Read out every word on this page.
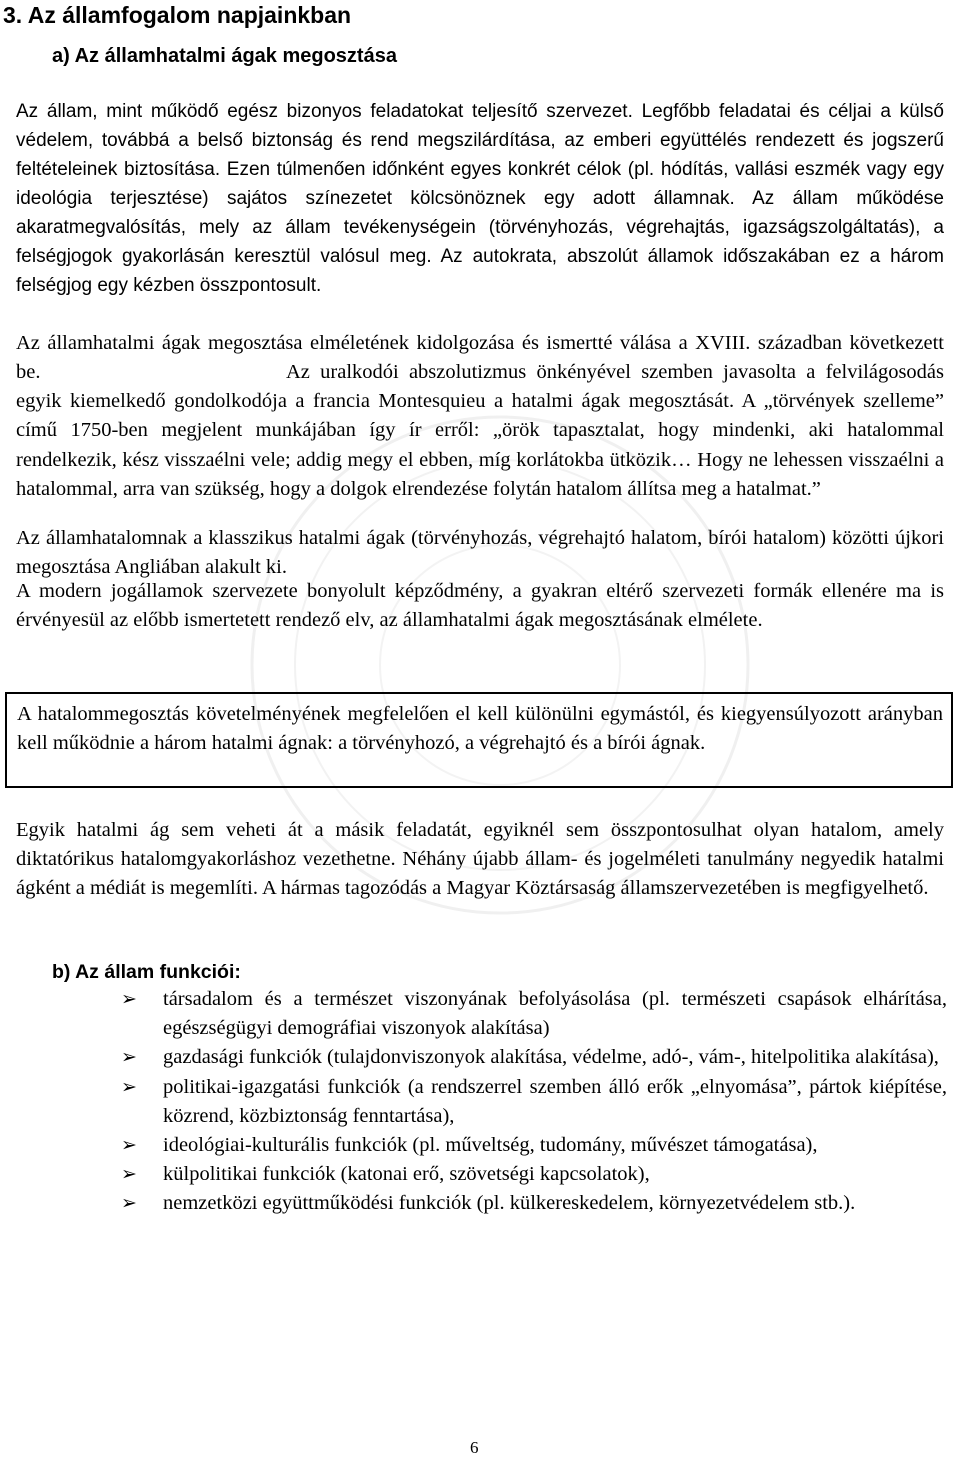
3. Az államfogalom napjainkban
a) Az államhatalmi ágak megosztása

Az állam, mint működő egész bizonyos feladatokat teljesítő szervezet. Legfőbb feladatai és céljai a külső védelem, továbbá a belső biztonság és rend megszilárdítása, az emberi együttélés rendezett és jogszerű feltételeinek biztosítása. Ezen túlmenően időnként egyes konkrét célok (pl. hódítás, vallási eszmék vagy egy ideológia terjesztése) sajátos színezetet kölcsönöznek egy adott államnak. Az állam működése akaratmegvalósítás, mely az állam tevékenységein (törvényhozás, végrehajtás, igazságszolgáltatás), a felségjogok gyakorlásán keresztül valósul meg. Az autokrata, abszolút államok időszakában ez a három felségjog egy kézben összpontosult.

Az államhatalmi ágak megosztása elméletének kidolgozása és ismertté válása a XVIII. században következett be.	Az uralkodói abszolutizmus önkényével szemben javasolta a felvilágosodás egyik kiemelkedő gondolkodója a francia Montesquieu a hatalmi ágak megosztását. A „törvények szelleme” című 1750-ben megjelent munkájában így ír erről: „örök tapasztalat, hogy mindenki, aki hatalommal rendelkezik, kész visszaélni vele; addig megy el ebben, míg korlátokba ütközik… Hogy ne lehessen visszaélni a hatalommal, arra van szükség, hogy a dolgok elrendezése folytán hatalom állítsa meg a hatalmat.”

Az államhatalomnak a klasszikus hatalmi ágak (törvényhozás, végrehajtó halatom, bírói hatalom) közötti újkori megosztása Angliában alakult ki.

A modern jogállamok szervezete bonyolult képződmény, a gyakran eltérő szervezeti formák ellenére ma is érvényesül az előbb ismertetett rendező elv, az államhatalmi ágak megosztásának elmélete.

A hatalommegosztás követelményének megfelelően el kell különülni egymástól, és kiegyensúlyozott arányban kell működnie a három hatalmi ágnak: a törvényhozó, a végrehajtó és a bírói ágnak.

Egyik hatalmi ág sem veheti át a másik feladatát, egyiknél sem összpontosulhat olyan hatalom, amely diktatórikus hatalomgyakorláshoz vezethetne. Néhány újabb állam- és jogelméleti tanulmány negyedik hatalmi ágként a médiát is megemlíti. A hármas tagozódás a Magyar Köztársaság államszervezetében is megfigyelhető.

b) Az állam funkciói:
➢ társadalom és a természet viszonyának befolyásolása (pl. természeti csapások elhárítása, egészségügyi demográfiai viszonyok alakítása)
➢ gazdasági funkciók (tulajdonviszonyok alakítása, védelme, adó-, vám-, hitelpolitika alakítása),
➢ politikai-igazgatási funkciók (a rendszerrel szemben álló erők „elnyomása”, pártok kiépítése, közrend, közbiztonság fenntartása),
➢ ideológiai-kulturális funkciók (pl. műveltség, tudomány, művészet támogatása),
➢ külpolitikai funkciók (katonai erő, szövetségi kapcsolatok),
➢ nemzetközi együttműködési funkciók (pl. külkereskedelem, környezetvédelem stb.).
6
